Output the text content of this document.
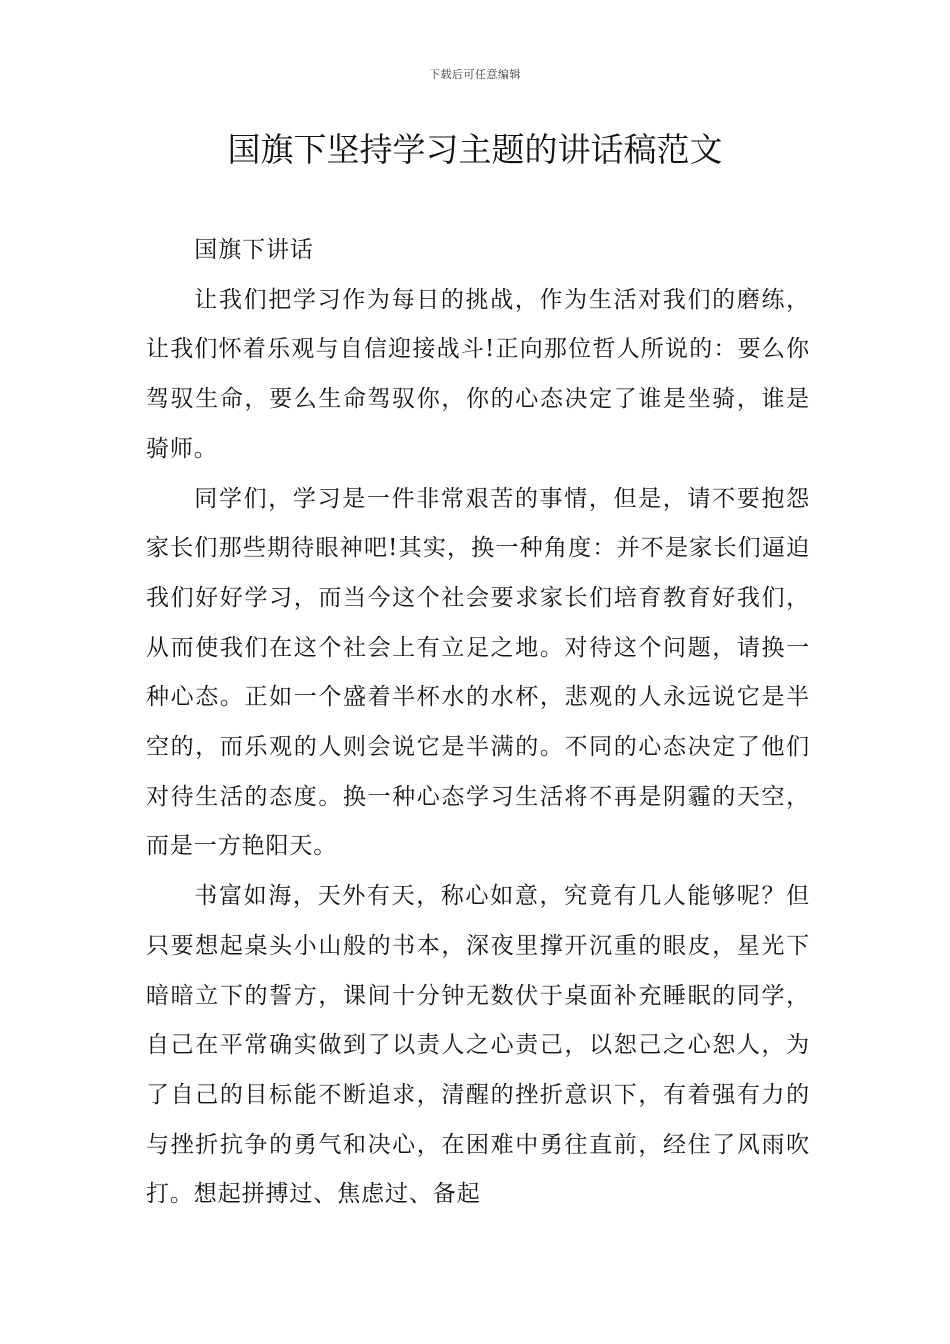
下载后可任意编辑
国旗下坚持学习主题的讲话稿范文

国旗下讲话

让我们把学习作为每日的挑战，作为生活对我们的磨练，让我们怀着乐观与自信迎接战斗!正向那位哲人所说的：要么你驾驭生命，要么生命驾驭你，你的心态决定了谁是坐骑，谁是骑师。

同学们，学习是一件非常艰苦的事情，但是，请不要抱怨家长们那些期待眼神吧!其实，换一种角度：并不是家长们逼迫我们好好学习，而当今这个社会要求家长们培育教育好我们，从而使我们在这个社会上有立足之地。对待这个问题，请换一种心态。正如一个盛着半杯水的水杯，悲观的人永远说它是半空的，而乐观的人则会说它是半满的。不同的心态决定了他们对待生活的态度。换一种心态学习生活将不再是阴霾的天空，而是一方艳阳天。

书富如海，天外有天，称心如意，究竟有几人能够呢？但只要想起桌头小山般的书本，深夜里撑开沉重的眼皮，星光下暗暗立下的誓方，课间十分钟无数伏于桌面补充睡眠的同学，自己在平常确实做到了以责人之心责己，以恕己之心恕人，为了自己的目标能不断追求，清醒的挫折意识下，有着强有力的与挫折抗争的勇气和决心，在困难中勇往直前，经住了风雨吹打。想起拼搏过、焦虑过、备起
